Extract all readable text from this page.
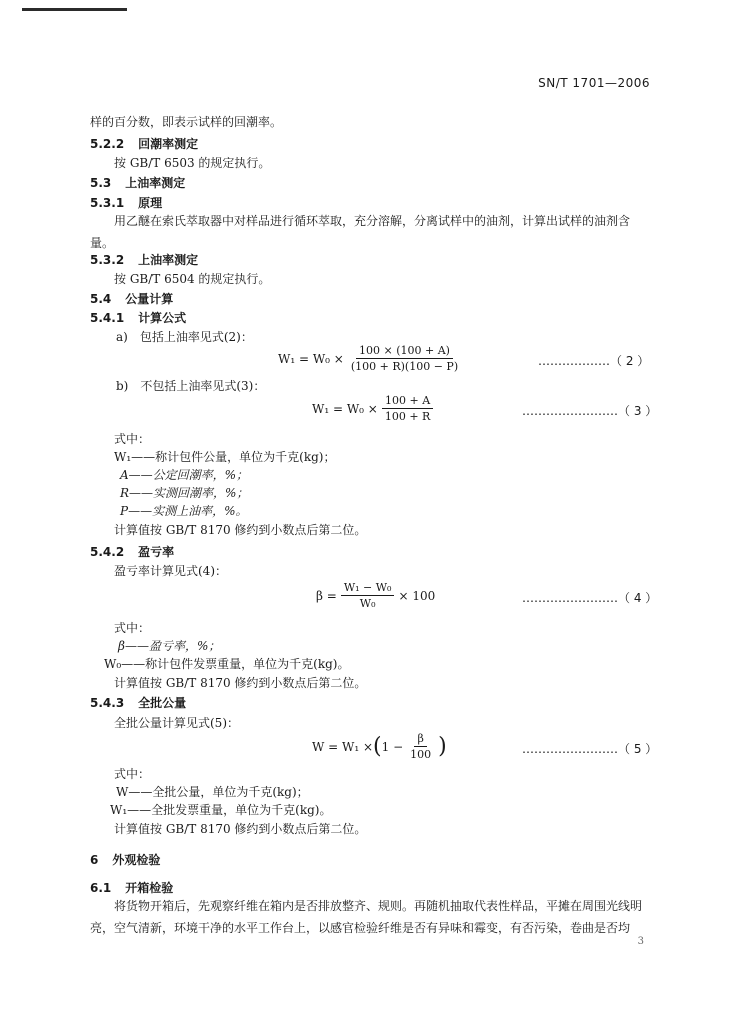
SN/T 1701—2006
样的百分数，即表示试样的回潮率。
5.2.2 回潮率测定
按 GB/T 6503 的规定执行。
5.3 上油率测定
5.3.1 原理
用乙醚在索氏萃取器中对样品进行循环萃取，充分溶解，分离试样中的油剂，计算出试样的油剂含量。
5.3.2 上油率测定
按 GB/T 6504 的规定执行。
5.4 公量计算
5.4.1 计算公式
a)　包括上油率见式(2)：
$W_1 = W_0 \times \frac{100 \times (100 + A)}{(100 + R)(100 - P)}$	………………（ 2 ）
b)　不包括上油率见式(3)：
$W_1 = W_0 \times \frac{100 + A}{100 + R}$	……………………（ 3 ）
式中：
W₁——称计包件公量，单位为千克(kg)；
A——公定回潮率，%；
R——实测回潮率，%；
P——实测上油率，%。
计算值按 GB/T 8170 修约到小数点后第二位。
5.4.2 盈亏率
盈亏率计算见式(4)：
$\beta = \frac{\text{W₁ − W₀}}{\text{W₀}} \times 100$	……………………（ 4 ）
式中：
β——盈亏率，%；
W₀——称计包件发票重量，单位为千克(kg)。
计算值按 GB/T 8170 修约到小数点后第二位。
5.4.3 全批公量
全批公量计算见式(5)：
W = W₁ × ( $1 - \frac{\beta}{100}$ )	……………………（ 5 ）
式中：
W——全批公量，单位为千克(kg)；
W₁——全批发票重量，单位为千克(kg)。
计算值按 GB/T 8170 修约到小数点后第二位。
6 外观检验
6.1 开箱检验
将货物开箱后，先观察纤维在箱内是否排放整齐、规则。再随机抽取代表性样品，平摊在周围光线明亮，空气清新，环境干净的水平工作台上，以感官检验纤维是否有异味和霉变，有否污染，卷曲是否均
3
